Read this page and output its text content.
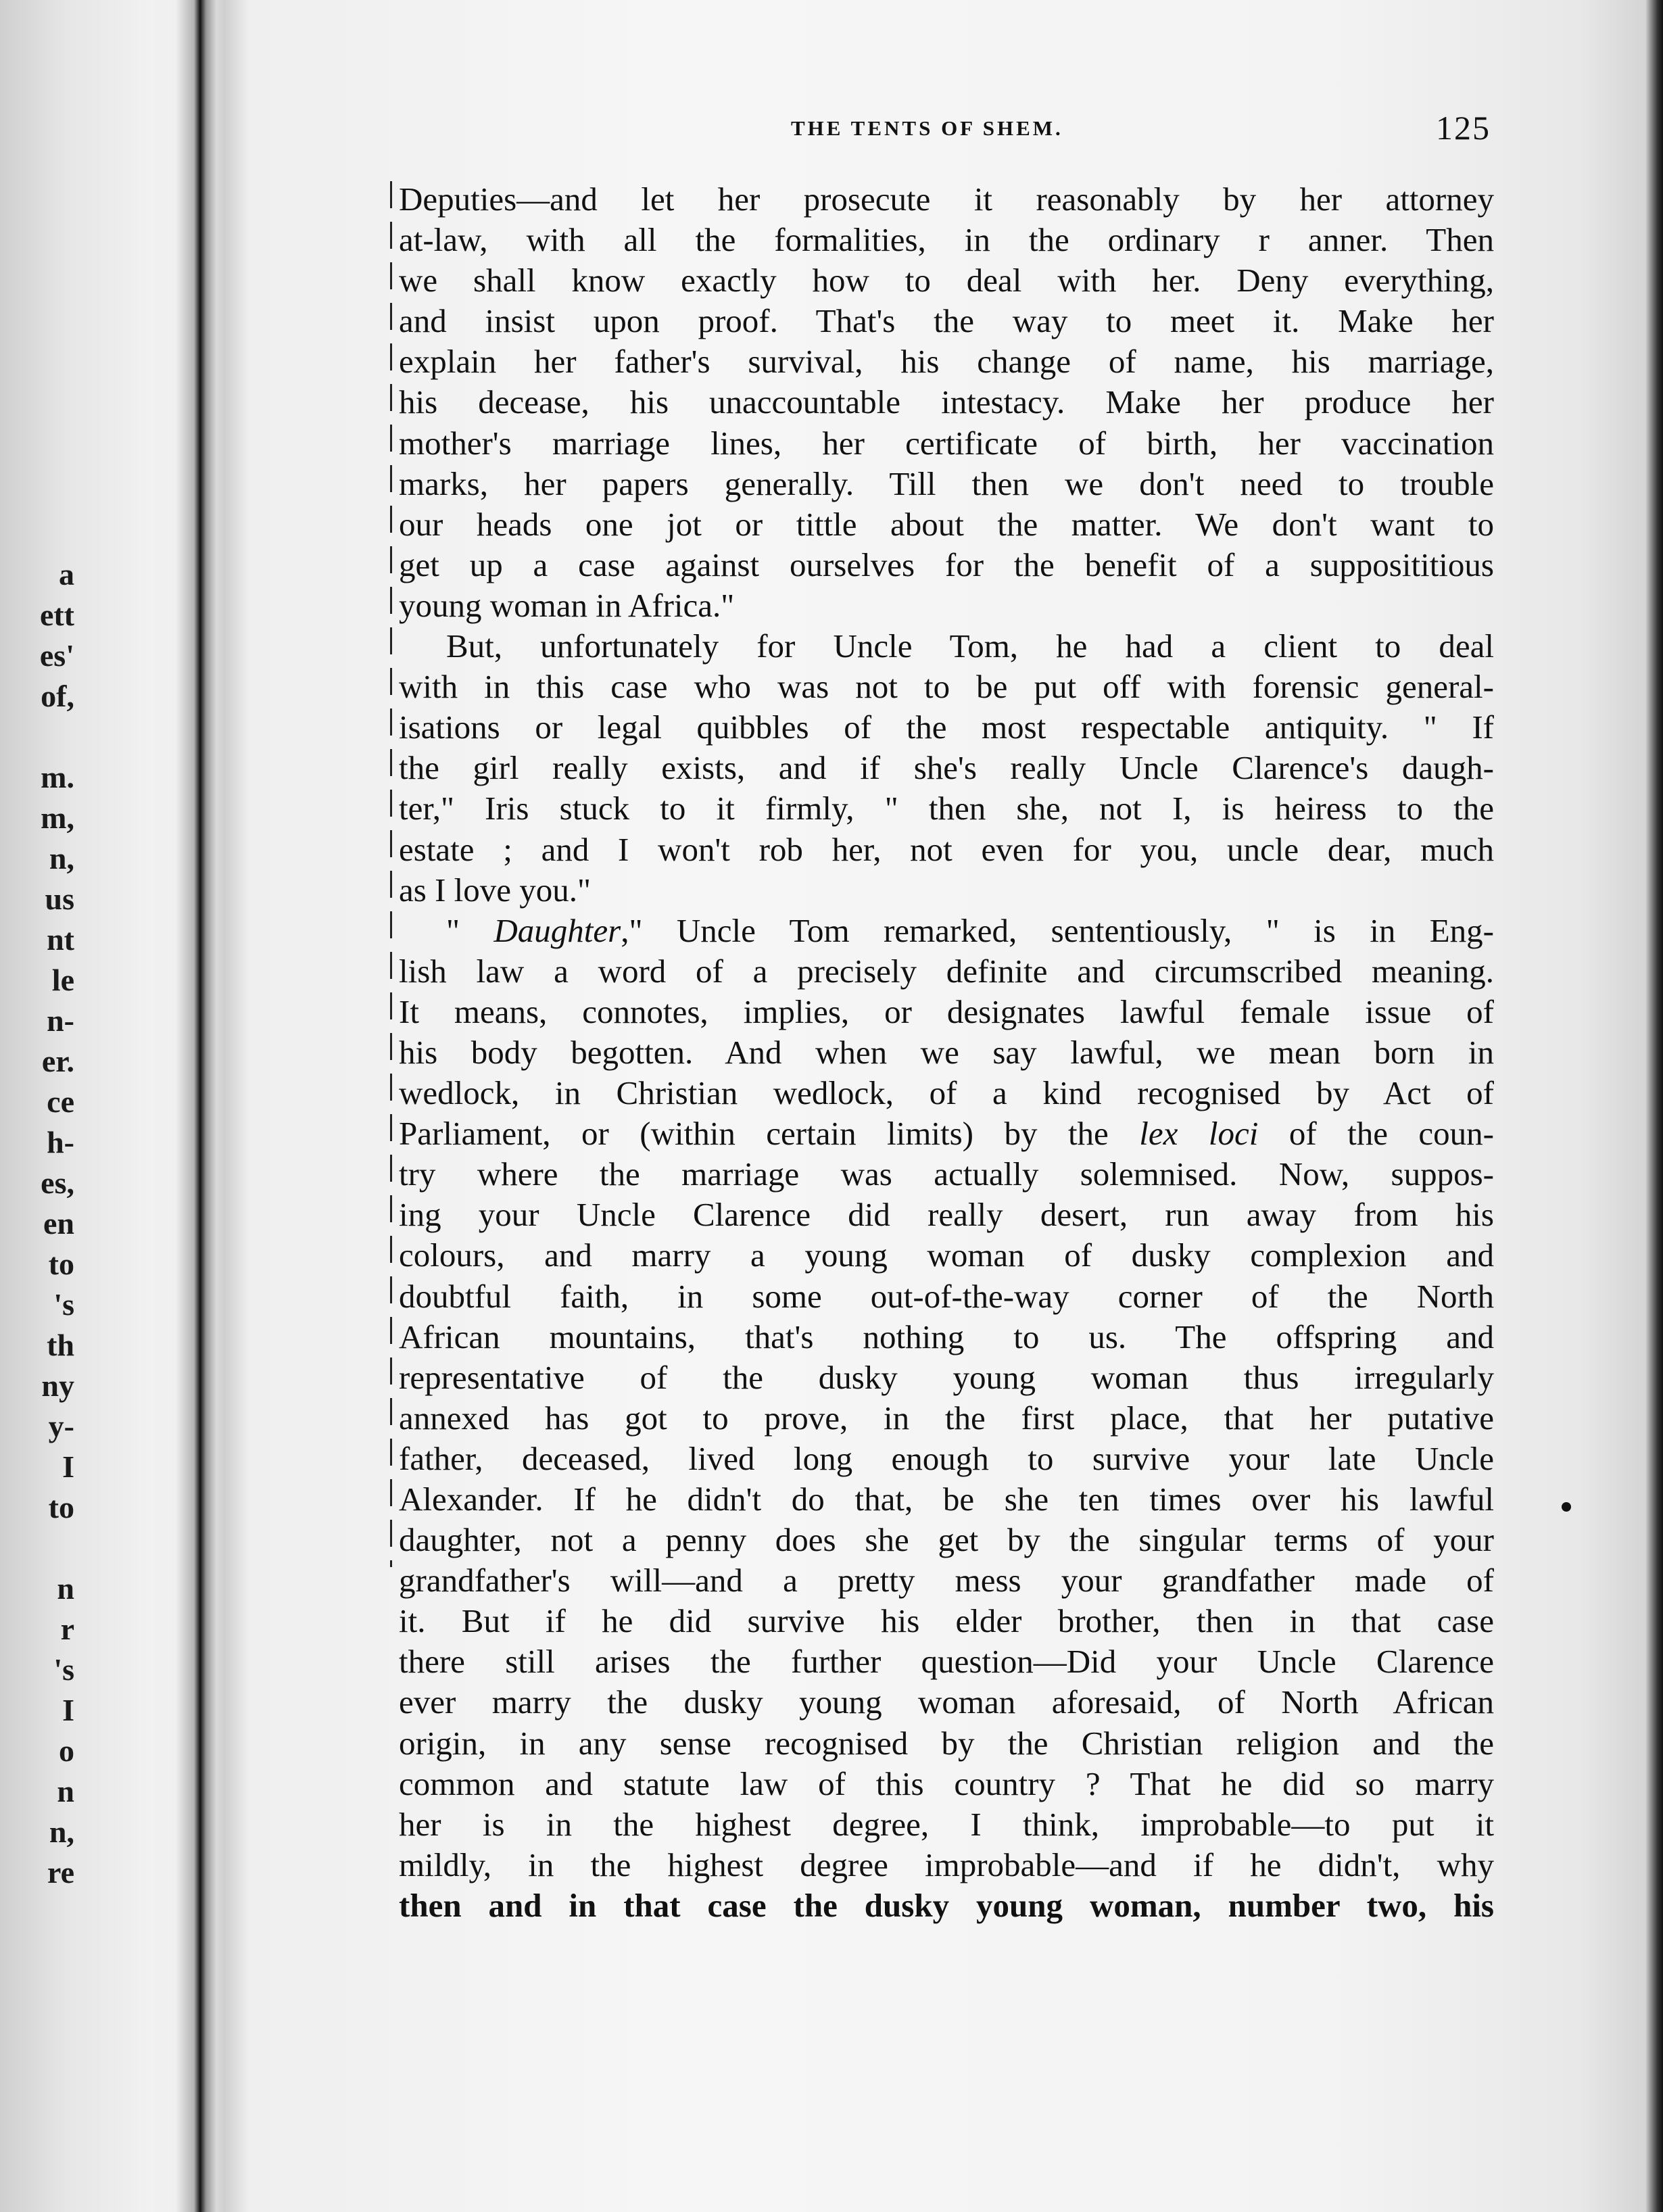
a
ett
es'
of,
m.
m,
n,
us
nt
le
n-
er.
ce
h-
es,
en
to
's
th
ny
y-
I
to
n
r
's
I
o
n
n,
re
THE TENTS OF SHEM.	125
Deputies—and let her prosecute it reasonably by her attorney
at-law, with all the formalities, in the ordinary r anner. Then
we shall know exactly how to deal with her. Deny everything,
and insist upon proof. That's the way to meet it. Make her
explain her father's survival, his change of name, his marriage,
his decease, his unaccountable intestacy. Make her produce her
mother's marriage lines, her certificate of birth, her vaccination
marks, her papers generally. Till then we don't need to trouble
our heads one jot or tittle about the matter. We don't want to
get up a case against ourselves for the benefit of a supposititious
young woman in Africa."
But, unfortunately for Uncle Tom, he had a client to deal
with in this case who was not to be put off with forensic general-
isations or legal quibbles of the most respectable antiquity. " If
the girl really exists, and if she's really Uncle Clarence's daugh-
ter," Iris stuck to it firmly, " then she, not I, is heiress to the
estate ; and I won't rob her, not even for you, uncle dear, much
as I love you."
" Daughter," Uncle Tom remarked, sententiously, " is in Eng-
lish law a word of a precisely definite and circumscribed meaning.
It means, connotes, implies, or designates lawful female issue of
his body begotten. And when we say lawful, we mean born in
wedlock, in Christian wedlock, of a kind recognised by Act of
Parliament, or (within certain limits) by the lex loci of the coun-
try where the marriage was actually solemnised. Now, suppos-
ing your Uncle Clarence did really desert, run away from his
colours, and marry a young woman of dusky complexion and
doubtful faith, in some out-of-the-way corner of the North
African mountains, that's nothing to us. The offspring and
representative of the dusky young woman thus irregularly
annexed has got to prove, in the first place, that her putative
father, deceased, lived long enough to survive your late Uncle
Alexander. If he didn't do that, be she ten times over his lawful
daughter, not a penny does she get by the singular terms of your
grandfather's will—and a pretty mess your grandfather made of
it. But if he did survive his elder brother, then in that case
there still arises the further question—Did your Uncle Clarence
ever marry the dusky young woman aforesaid, of North African
origin, in any sense recognised by the Christian religion and the
common and statute law of this country ? That he did so marry
her is in the highest degree, I think, improbable—to put it
mildly, in the highest degree improbable—and if he didn't, why
then and in that case the dusky young woman, number two, his
